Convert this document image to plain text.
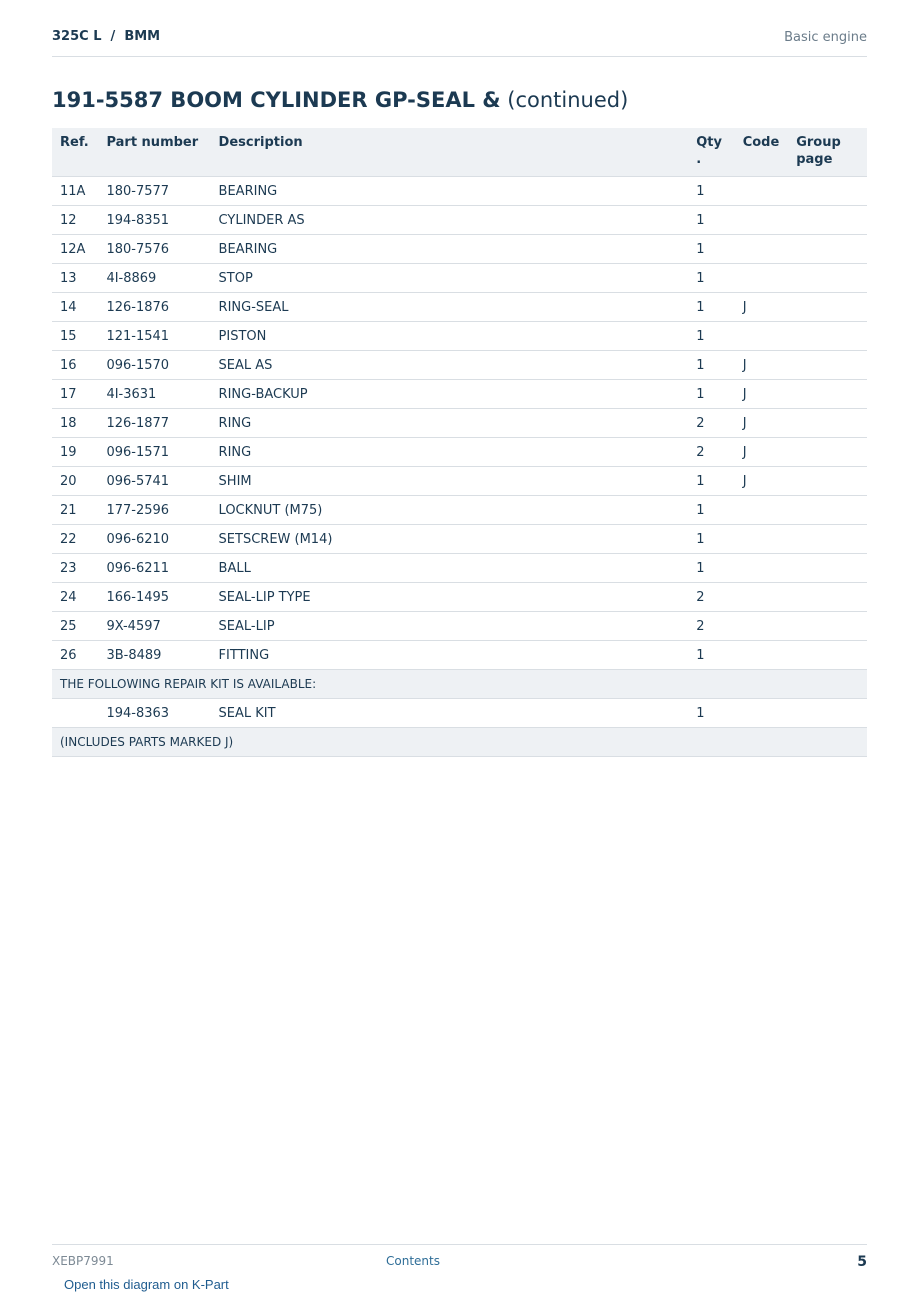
325C L  /  BMM	Basic engine
191-5587 BOOM CYLINDER GP-SEAL & (continued)
Ref.	Part number	Description	Qty .	Code	Group page
11A	180-7577	BEARING	1		
12	194-8351	CYLINDER AS	1		
12A	180-7576	BEARING	1		
13	4I-8869	STOP	1		
14	126-1876	RING-SEAL	1	J	
15	121-1541	PISTON	1		
16	096-1570	SEAL AS	1	J	
17	4I-3631	RING-BACKUP	1	J	
18	126-1877	RING	2	J	
19	096-1571	RING	2	J	
20	096-5741	SHIM	1	J	
21	177-2596	LOCKNUT (M75)	1		
22	096-6210	SETSCREW (M14)	1		
23	096-6211	BALL	1		
24	166-1495	SEAL-LIP TYPE	2		
25	9X-4597	SEAL-LIP	2		
26	3B-8489	FITTING	1		
THE FOLLOWING REPAIR KIT IS AVAILABLE:					
	194-8363	SEAL KIT	1		
(INCLUDES PARTS MARKED J)					
XEBP7991	Contents	5
Open this diagram on K-Part
